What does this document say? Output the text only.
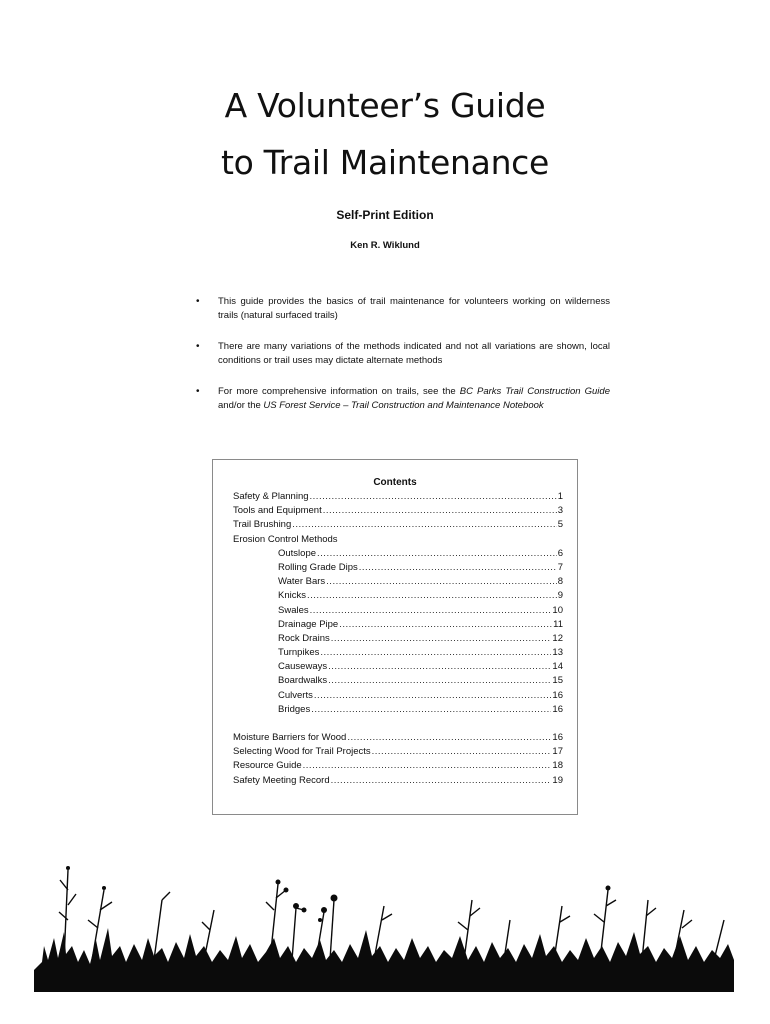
A Volunteer’s Guide
to Trail Maintenance
Self-Print Edition
Ken R. Wiklund
• This guide provides the basics of trail maintenance for volunteers working on wilderness trails (natural surfaced trails)
• There are many variations of the methods indicated and not all variations are shown, local conditions or trail uses may dictate alternate methods
• For more comprehensive information on trails, see the BC Parks Trail Construction Guide and/or the US Forest Service – Trail Construction and Maintenance Notebook
Contents
Safety & Planning .....	1
Tools and Equipment .....	3
Trail Brushing .....	5
Erosion Control Methods
Outslope .....	6
Rolling Grade Dips .....	7
Water Bars .....	8
Knicks .....	9
Swales .....	10
Drainage Pipe .....	11
Rock Drains .....	12
Turnpikes .....	13
Causeways .....	14
Boardwalks .....	15
Culverts .....	16
Bridges .....	16
Moisture Barriers for Wood .....	16
Selecting Wood for Trail Projects .....	17
Resource Guide .....	18
Safety Meeting Record .....	19
